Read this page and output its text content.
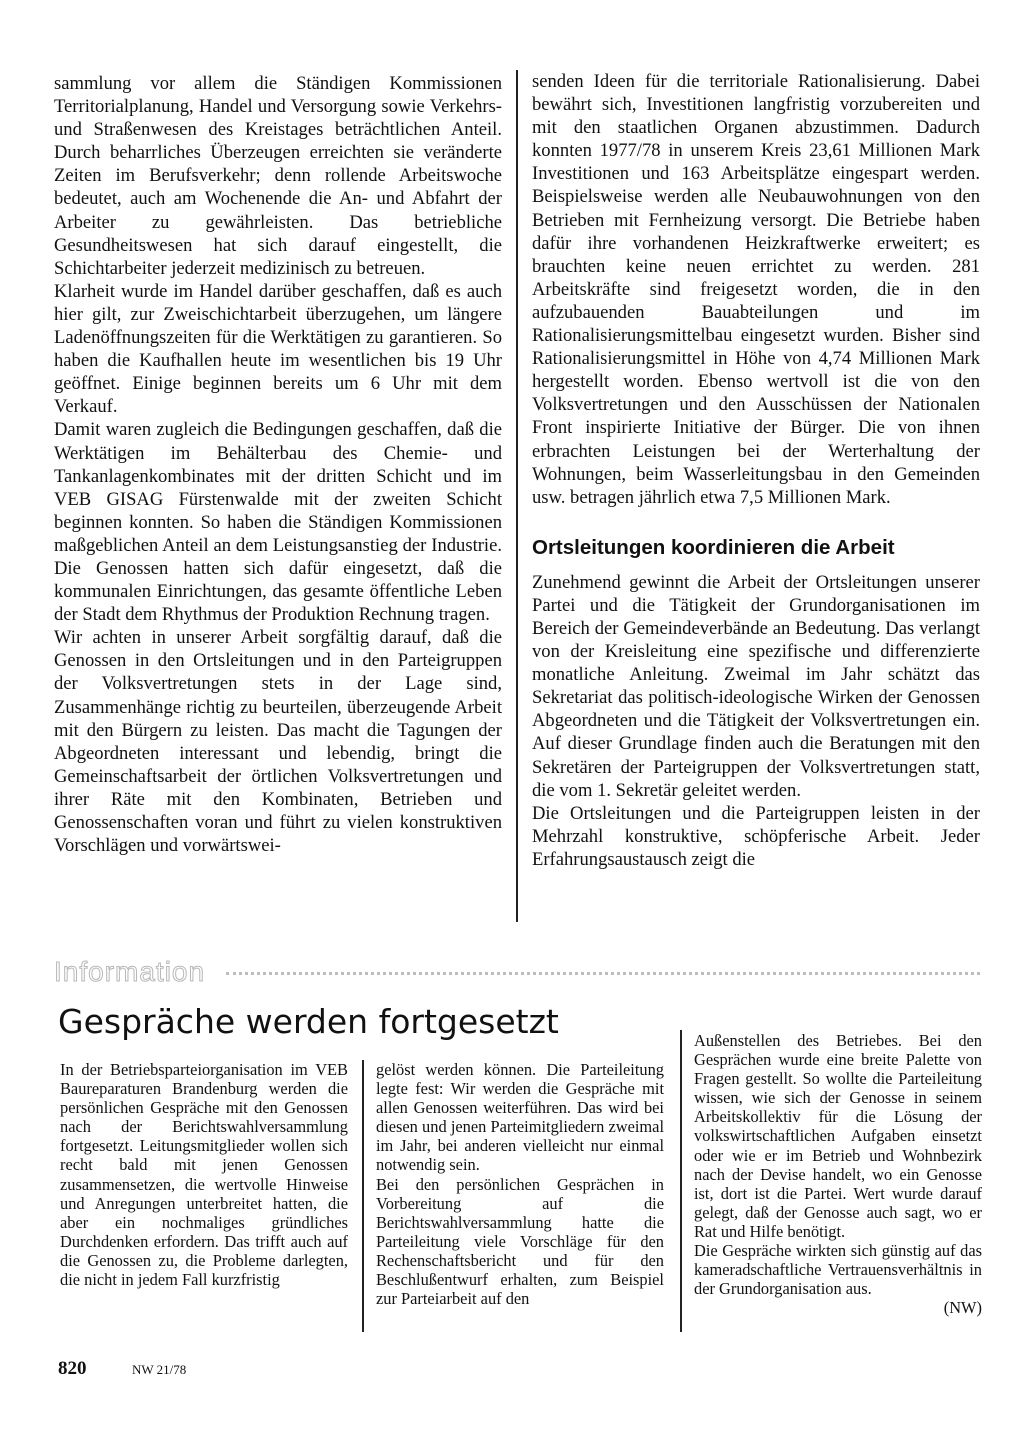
sammlung vor allem die Ständigen Kommissionen Territorialplanung, Handel und Versorgung sowie Verkehrs- und Straßenwesen des Kreistages beträchtlichen Anteil. Durch beharrliches Überzeugen erreichten sie veränderte Zeiten im Berufsverkehr; denn rollende Arbeitswoche bedeutet, auch am Wochenende die An- und Abfahrt der Arbeiter zu gewährleisten. Das betriebliche Gesundheitswesen hat sich darauf eingestellt, die Schichtarbeiter jederzeit medizinisch zu betreuen.

Klarheit wurde im Handel darüber geschaffen, daß es auch hier gilt, zur Zweischichtarbeit überzugehen, um längere Ladenöffnungszeiten für die Werktätigen zu garantieren. So haben die Kaufhallen heute im wesentlichen bis 19 Uhr geöffnet. Einige beginnen bereits um 6 Uhr mit dem Verkauf.

Damit waren zugleich die Bedingungen geschaffen, daß die Werktätigen im Behälterbau des Chemie- und Tankanlagenkombinates mit der dritten Schicht und im VEB GISAG Fürstenwalde mit der zweiten Schicht beginnen konnten. So haben die Ständigen Kommissionen maßgeblichen Anteil an dem Leistungsanstieg der Industrie. Die Genossen hatten sich dafür eingesetzt, daß die kommunalen Einrichtungen, das gesamte öffentliche Leben der Stadt dem Rhythmus der Produktion Rechnung tragen.

Wir achten in unserer Arbeit sorgfältig darauf, daß die Genossen in den Ortsleitungen und in den Parteigruppen der Volksvertretungen stets in der Lage sind, Zusammenhänge richtig zu beurteilen, überzeugende Arbeit mit den Bürgern zu leisten. Das macht die Tagungen der Abgeordneten interessant und lebendig, bringt die Gemeinschaftsarbeit der örtlichen Volksvertretungen und ihrer Räte mit den Kombinaten, Betrieben und Genossenschaften voran und führt zu vielen konstruktiven Vorschlägen und vorwärtswei-

senden Ideen für die territoriale Rationalisierung. Dabei bewährt sich, Investitionen langfristig vorzubereiten und mit den staatlichen Organen abzustimmen. Dadurch konnten 1977/78 in unserem Kreis 23,61 Millionen Mark Investitionen und 163 Arbeitsplätze eingespart werden. Beispielsweise werden alle Neubauwohnungen von den Betrieben mit Fernheizung versorgt. Die Betriebe haben dafür ihre vorhandenen Heizkraftwerke erweitert; es brauchten keine neuen errichtet zu werden. 281 Arbeitskräfte sind freigesetzt worden, die in den aufzubauenden Bauabteilungen und im Rationalisierungsmittelbau eingesetzt wurden. Bisher sind Rationalisierungsmittel in Höhe von 4,74 Millionen Mark hergestellt worden. Ebenso wertvoll ist die von den Volksvertretungen und den Ausschüssen der Nationalen Front inspirierte Initiative der Bürger. Die von ihnen erbrachten Leistungen bei der Werterhaltung der Wohnungen, beim Wasserleitungsbau in den Gemeinden usw. betragen jährlich etwa 7,5 Millionen Mark.

Ortsleitungen koordinieren die Arbeit

Zunehmend gewinnt die Arbeit der Ortsleitungen unserer Partei und die Tätigkeit der Grundorganisationen im Bereich der Gemeindeverbände an Bedeutung. Das verlangt von der Kreisleitung eine spezifische und differenzierte monatliche Anleitung. Zweimal im Jahr schätzt das Sekretariat das politisch-ideologische Wirken der Genossen Abgeordneten und die Tätigkeit der Volksvertretungen ein. Auf dieser Grundlage finden auch die Beratungen mit den Sekretären der Parteigruppen der Volksvertretungen statt, die vom 1. Sekretär geleitet werden.

Die Ortsleitungen und die Parteigruppen leisten in der Mehrzahl konstruktive, schöpferische Arbeit. Jeder Erfahrungsaustausch zeigt die

Information
Gespräche werden fortgesetzt

In der Betriebsparteiorganisation im VEB Baureparaturen Brandenburg werden die persönlichen Gespräche mit den Genossen nach der Berichtswahlversammlung fortgesetzt. Leitungsmitglieder wollen sich recht bald mit jenen Genossen zusammensetzen, die wertvolle Hinweise und Anregungen unterbreitet hatten, die aber ein nochmaliges gründliches Durchdenken erfordern. Das trifft auch auf die Genossen zu, die Probleme darlegten, die nicht in jedem Fall kurzfristig

gelöst werden können. Die Parteileitung legte fest: Wir werden die Gespräche mit allen Genossen weiterführen. Das wird bei diesen und jenen Parteimitgliedern zweimal im Jahr, bei anderen vielleicht nur einmal notwendig sein.

Bei den persönlichen Gesprächen in Vorbereitung auf die Berichtswahlversammlung hatte die Parteileitung viele Vorschläge für den Rechenschaftsbericht und für den Beschlußentwurf erhalten, zum Beispiel zur Parteiarbeit auf den

Außenstellen des Betriebes. Bei den Gesprächen wurde eine breite Palette von Fragen gestellt. So wollte die Parteileitung wissen, wie sich der Genosse in seinem Arbeitskollektiv für die Lösung der volkswirtschaftlichen Aufgaben einsetzt oder wie er im Betrieb und Wohnbezirk nach der Devise handelt, wo ein Genosse ist, dort ist die Partei. Wert wurde darauf gelegt, daß der Genosse auch sagt, wo er Rat und Hilfe benötigt.

Die Gespräche wirkten sich günstig auf das kameradschaftliche Vertrauensverhältnis in der Grundorganisation aus.

(NW)

820	NW 21/78
